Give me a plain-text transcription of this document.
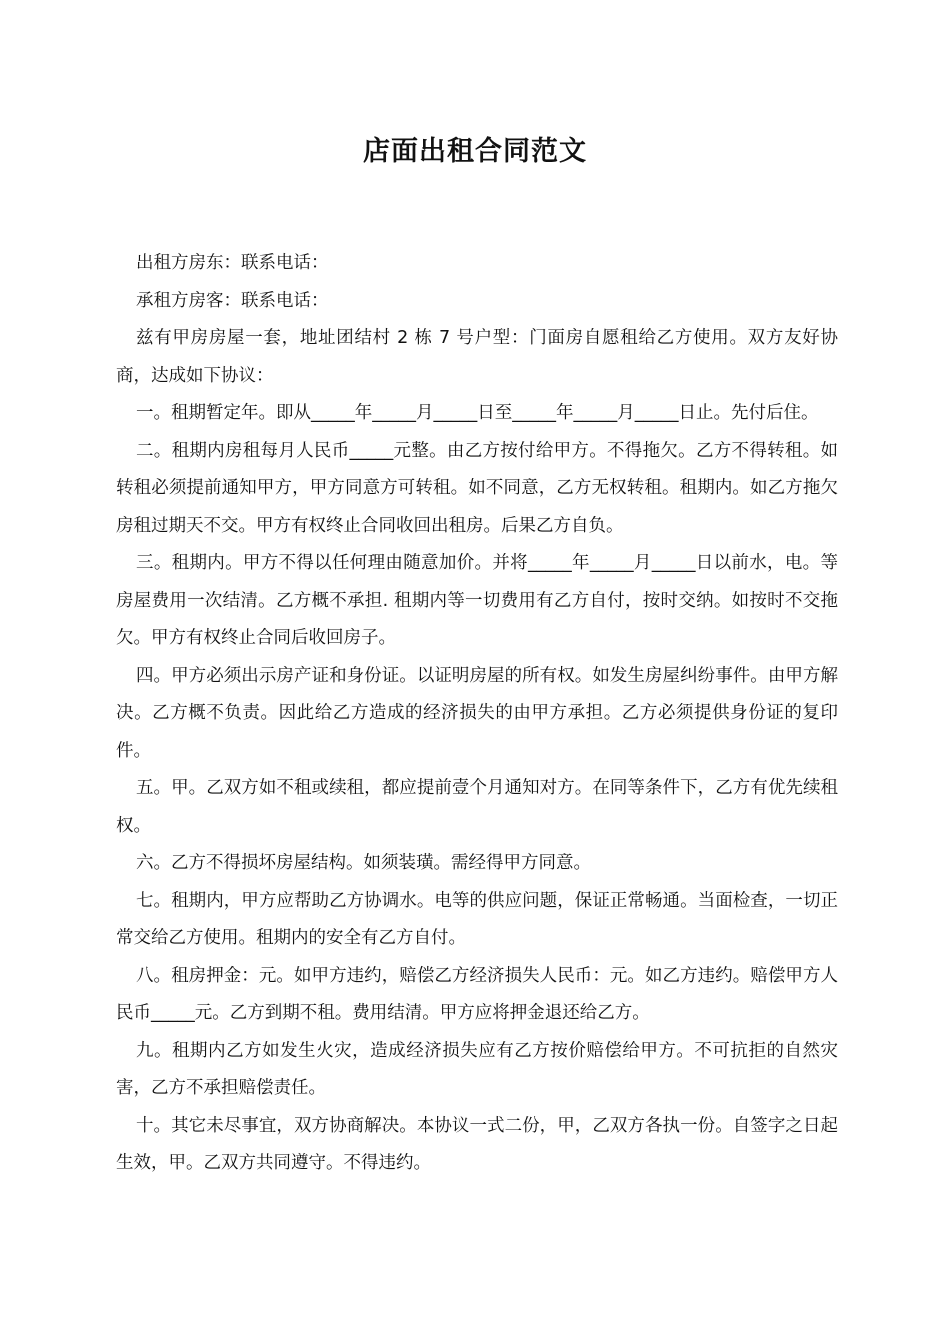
店面出租合同范文

出租方房东：联系电话：

承租方房客：联系电话：

兹有甲房房屋一套，地址团结村 2 栋 7 号户型：门面房自愿租给乙方使用。双方友好协商，达成如下协议：

一。租期暂定年。即从_____年_____月_____日至_____年_____月_____日止。先付后住。

二。租期内房租每月人民币_____元整。由乙方按付给甲方。不得拖欠。乙方不得转租。如转租必须提前通知甲方，甲方同意方可转租。如不同意，乙方无权转租。租期内。如乙方拖欠房租过期天不交。甲方有权终止合同收回出租房。后果乙方自负。

三。租期内。甲方不得以任何理由随意加价。并将_____年_____月_____日以前水，电。等房屋费用一次结清。乙方概不承担. 租期内等一切费用有乙方自付，按时交纳。如按时不交拖欠。甲方有权终止合同后收回房子。

四。甲方必须出示房产证和身份证。以证明房屋的所有权。如发生房屋纠纷事件。由甲方解决。乙方概不负责。因此给乙方造成的经济损失的由甲方承担。乙方必须提供身份证的复印件。

五。甲。乙双方如不租或续租，都应提前壹个月通知对方。在同等条件下，乙方有优先续租权。

六。乙方不得损坏房屋结构。如须装璜。需经得甲方同意。

七。租期内，甲方应帮助乙方协调水。电等的供应问题，保证正常畅通。当面检查，一切正常交给乙方使用。租期内的安全有乙方自付。

八。租房押金：元。如甲方违约，赔偿乙方经济损失人民币：元。如乙方违约。赔偿甲方人民币_____元。乙方到期不租。费用结清。甲方应将押金退还给乙方。

九。租期内乙方如发生火灾，造成经济损失应有乙方按价赔偿给甲方。不可抗拒的自然灾害，乙方不承担赔偿责任。

十。其它未尽事宜，双方协商解决。本协议一式二份，甲，乙双方各执一份。自签字之日起生效，甲。乙双方共同遵守。不得违约。
